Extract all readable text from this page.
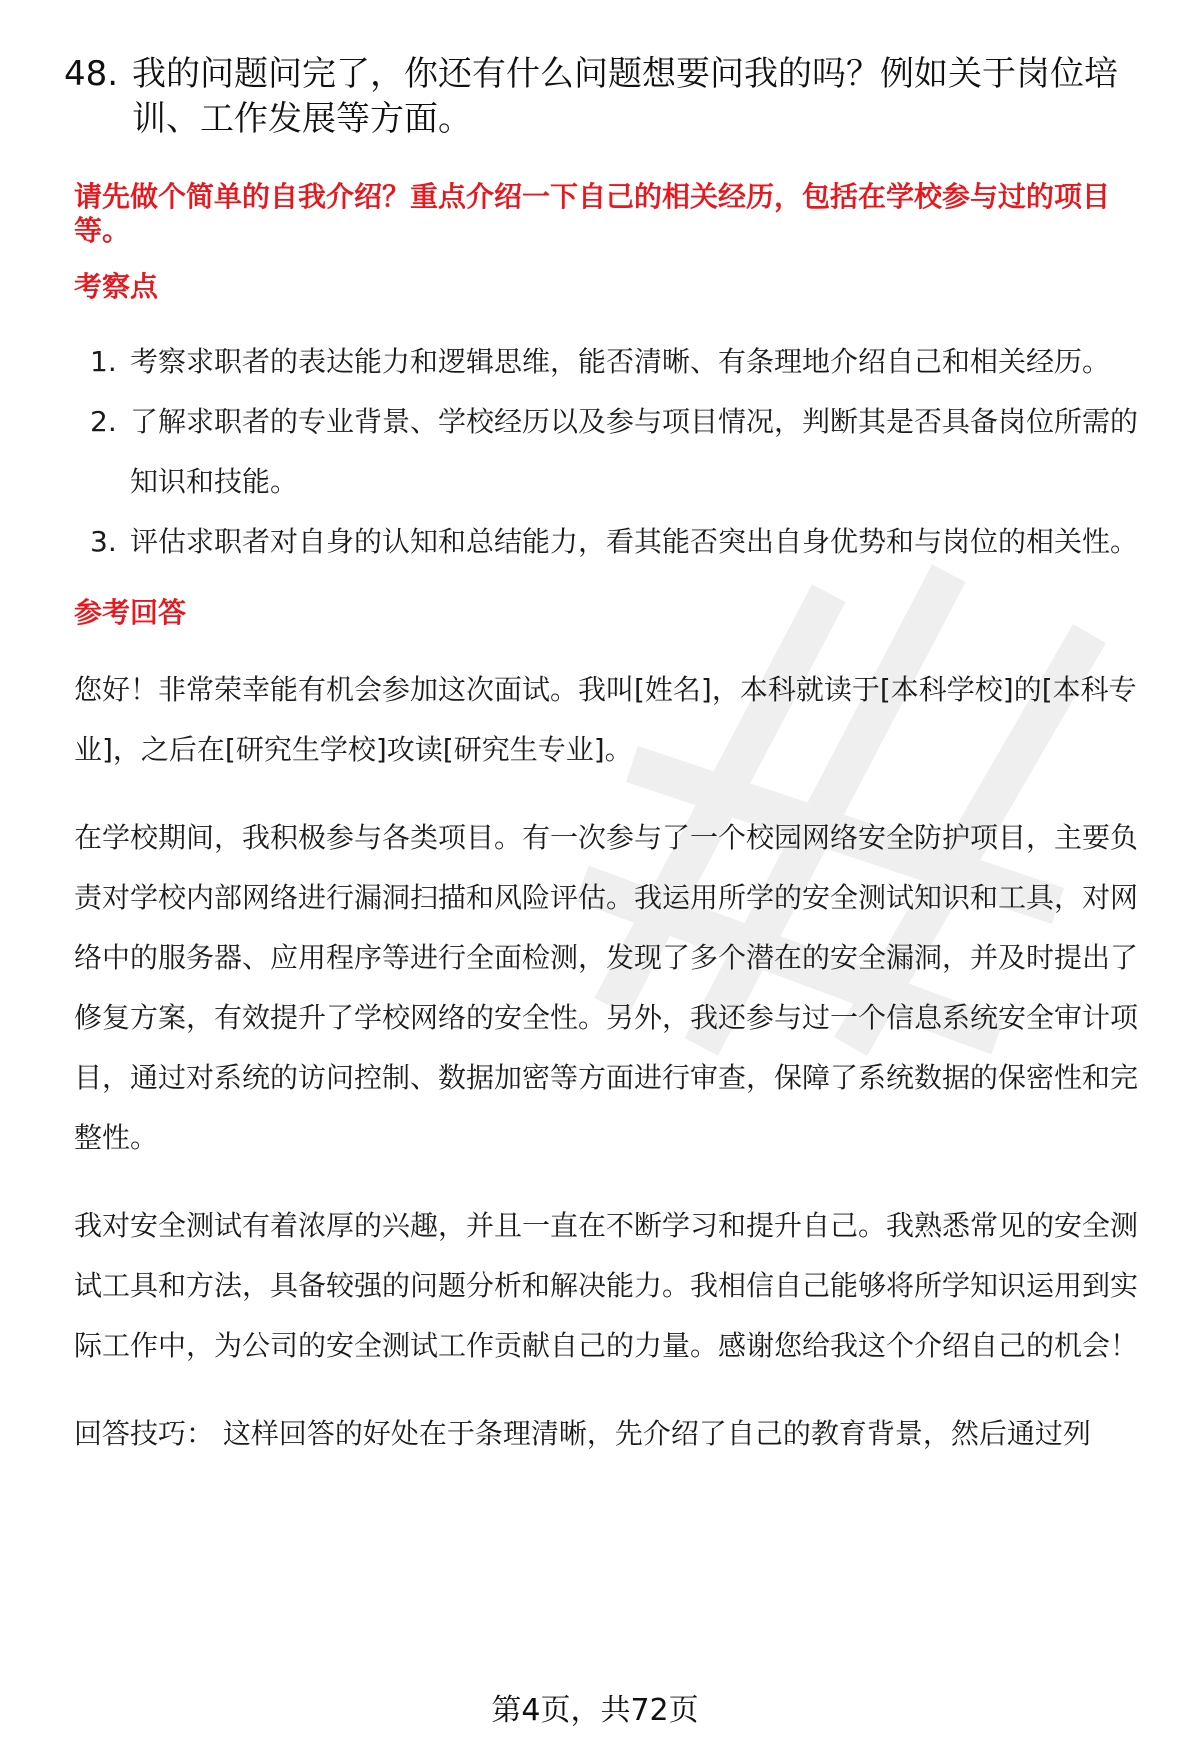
48. 我的问题问完了，你还有什么问题想要问我的吗？例如关于岗位培训、工作发展等方面。

请先做个简单的自我介绍？重点介绍一下自己的相关经历，包括在学校参与过的项目等。

考察点

1. 考察求职者的表达能力和逻辑思维，能否清晰、有条理地介绍自己和相关经历。
2. 了解求职者的专业背景、学校经历以及参与项目情况，判断其是否具备岗位所需的知识和技能。
3. 评估求职者对自身的认知和总结能力，看其能否突出自身优势和与岗位的相关性。

参考回答

您好！非常荣幸能有机会参加这次面试。我叫[姓名]，本科就读于[本科学校]的[本科专业]，之后在[研究生学校]攻读[研究生专业]。

在学校期间，我积极参与各类项目。有一次参与了一个校园网络安全防护项目，主要负责对学校内部网络进行漏洞扫描和风险评估。我运用所学的安全测试知识和工具，对网络中的服务器、应用程序等进行全面检测，发现了多个潜在的安全漏洞，并及时提出了修复方案，有效提升了学校网络的安全性。另外，我还参与过一个信息系统安全审计项目，通过对系统的访问控制、数据加密等方面进行审查，保障了系统数据的保密性和完整性。

我对安全测试有着浓厚的兴趣，并且一直在不断学习和提升自己。我熟悉常见的安全测试工具和方法，具备较强的问题分析和解决能力。我相信自己能够将所学知识运用到实际工作中，为公司的安全测试工作贡献自己的力量。感谢您给我这个介绍自己的机会！

回答技巧： 这样回答的好处在于条理清晰，先介绍了自己的教育背景，然后通过列

第4页，共72页
